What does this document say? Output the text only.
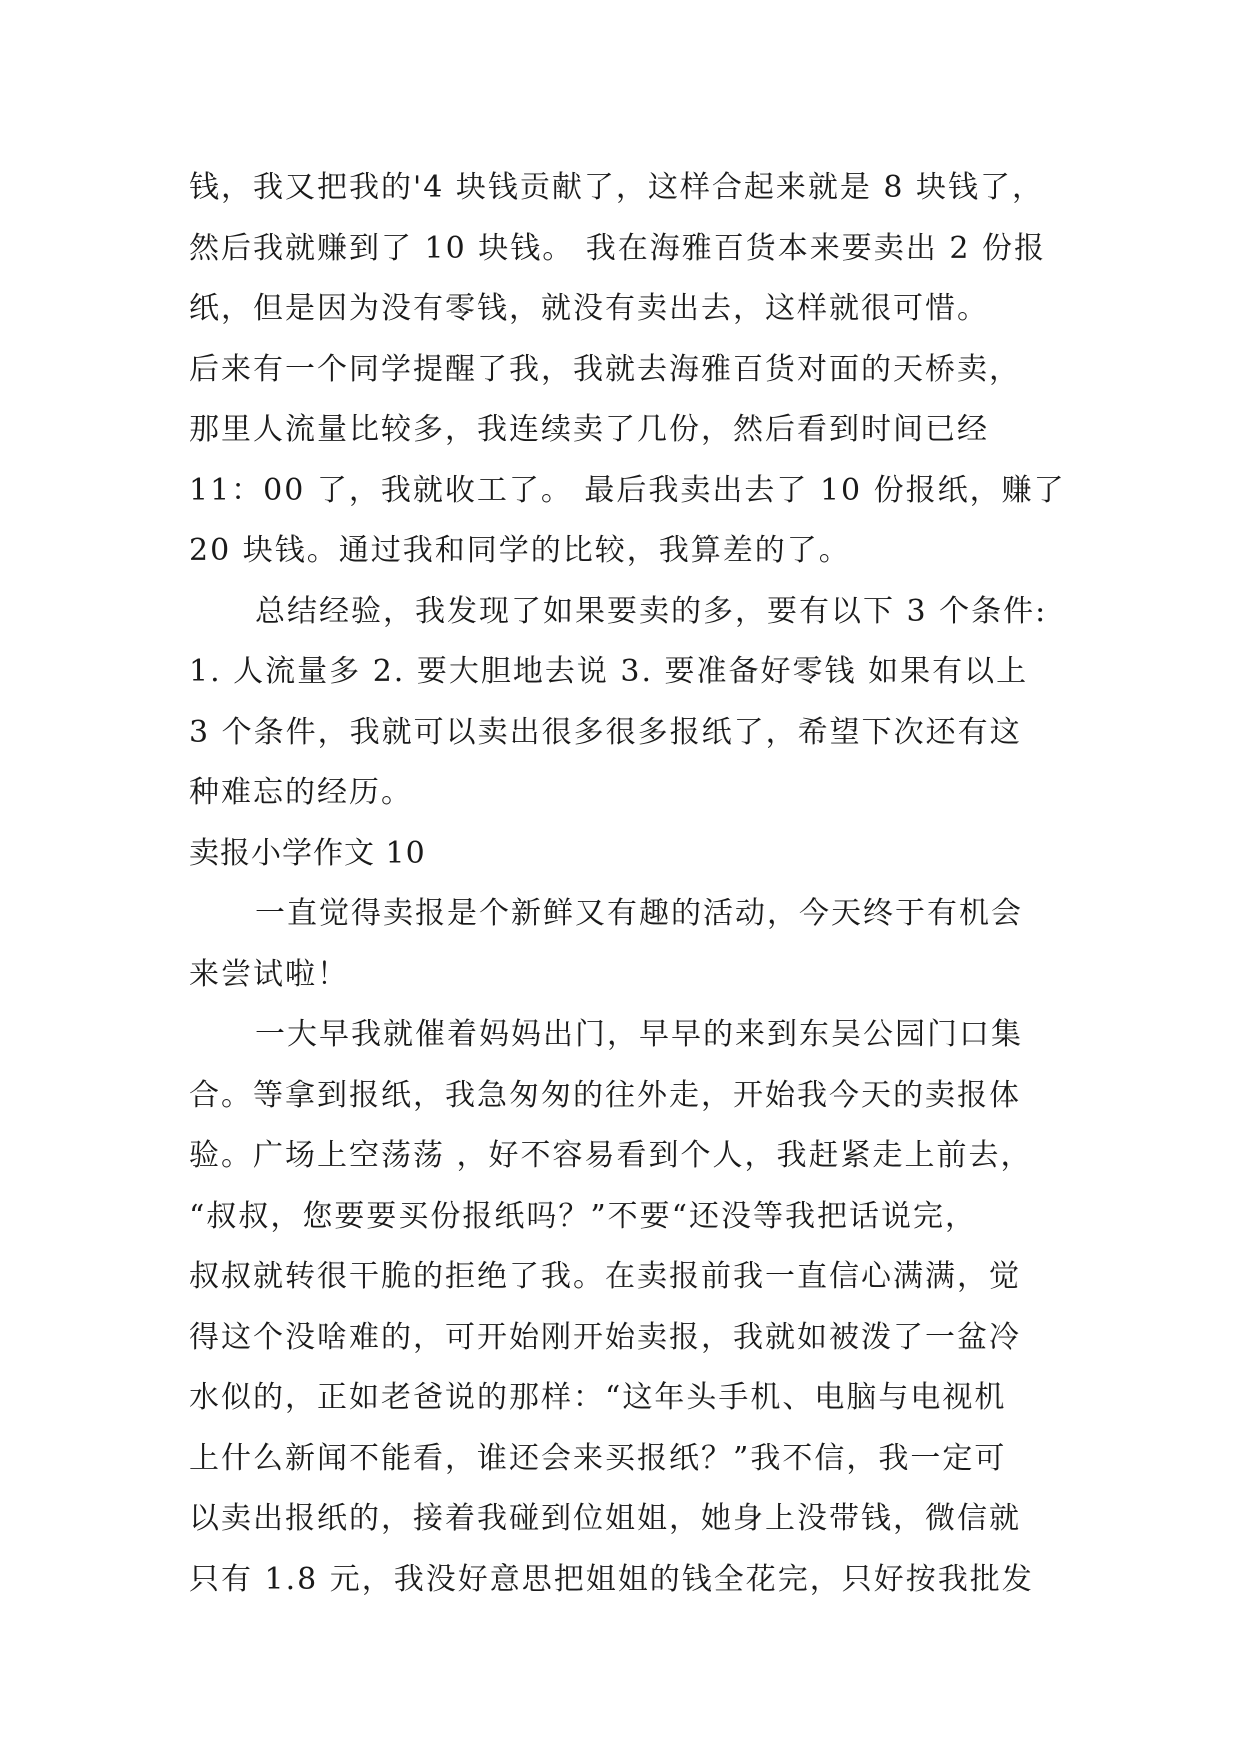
钱，我又把我的'4 块钱贡献了，这样合起来就是 8 块钱了，
然后我就赚到了 10 块钱。 我在海雅百货本来要卖出 2 份报
纸，但是因为没有零钱，就没有卖出去，这样就很可惜。
后来有一个同学提醒了我，我就去海雅百货对面的天桥卖，
那里人流量比较多，我连续卖了几份，然后看到时间已经
11：00 了，我就收工了。 最后我卖出去了 10 份报纸，赚了
20 块钱。通过我和同学的比较，我算差的了。
总结经验，我发现了如果要卖的多，要有以下 3 个条件:
1. 人流量多 2. 要大胆地去说 3. 要准备好零钱 如果有以上
3 个条件，我就可以卖出很多很多报纸了，希望下次还有这
种难忘的经历。
卖报小学作文 10
一直觉得卖报是个新鲜又有趣的活动，今天终于有机会
来尝试啦！
一大早我就催着妈妈出门，早早的来到东吴公园门口集
合。等拿到报纸，我急匆匆的往外走，开始我今天的卖报体
验。广场上空荡荡 ，好不容易看到个人，我赶紧走上前去，
“叔叔，您要要买份报纸吗？”不要“还没等我把话说完，
叔叔就转很干脆的拒绝了我。在卖报前我一直信心满满，觉
得这个没啥难的，可开始刚开始卖报，我就如被泼了一盆冷
水似的，正如老爸说的那样：“这年头手机、电脑与电视机
上什么新闻不能看，谁还会来买报纸？”我不信，我一定可
以卖出报纸的，接着我碰到位姐姐，她身上没带钱，微信就
只有 1.8 元，我没好意思把姐姐的钱全花完，只好按我批发
